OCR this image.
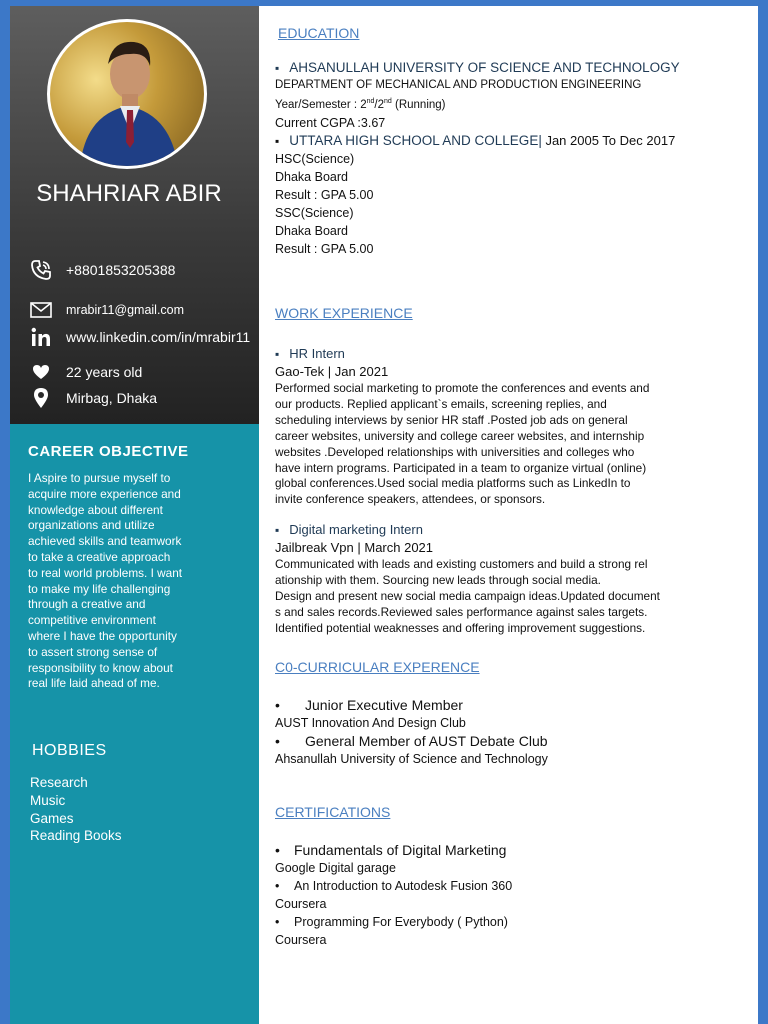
SHAHRIAR ABIR
+8801853205388
mrabir11@gmail.com
www.linkedin.com/in/mrabir11
22 years old
Mirbag, Dhaka
CAREER OBJECTIVE
I Aspire to pursue myself to
acquire more experience and
knowledge about different
organizations and utilize
achieved skills and teamwork
to take a creative approach
to real world problems. I want
to make my life challenging
through a creative and
competitive environment
where I have the opportunity
to assert strong sense of
responsibility to know about
real life laid ahead of me.
HOBBIES
Research
Music
Games
Reading Books
EDUCATION
▪ AHSANULLAH UNIVERSITY OF SCIENCE AND TECHNOLOGY
DEPARTMENT OF MECHANICAL AND PRODUCTION ENGINEERING
Year/Semester : 2nd/2nd (Running)
Current CGPA :3.67
▪ UTTARA HIGH SCHOOL AND COLLEGE| Jan 2005 To Dec 2017
HSC(Science)
Dhaka Board
Result : GPA 5.00
SSC(Science)
Dhaka Board
Result : GPA 5.00
WORK EXPERIENCE
▪ HR Intern
Gao-Tek | Jan 2021
Performed social marketing to promote the conferences and events and
our products. Replied applicant`s emails, screening replies, and
scheduling interviews by senior HR staff .Posted job ads on general
career websites, university and college career websites, and internship
websites .Developed relationships with universities and colleges who
have intern programs. Participated in a team to organize virtual (online)
global conferences.Used social media platforms such as LinkedIn to
invite conference speakers, attendees, or sponsors.
▪ Digital marketing Intern
Jailbreak Vpn | March 2021
Communicated with leads and existing customers and build a strong rel
ationship with them. Sourcing new leads through social media.
Design and present new social media campaign ideas.Updated document
s and sales records.Reviewed sales performance against sales targets.
Identified potential weaknesses and offering improvement suggestions.
C0-CURRICULAR EXPERENCE
• Junior Executive Member
AUST Innovation And Design Club
• General Member of AUST Debate Club
Ahsanullah University of Science and Technology
CERTIFICATIONS
• Fundamentals of Digital Marketing
Google Digital garage
• An Introduction to Autodesk Fusion 360
Coursera
• Programming For Everybody ( Python)
Coursera
